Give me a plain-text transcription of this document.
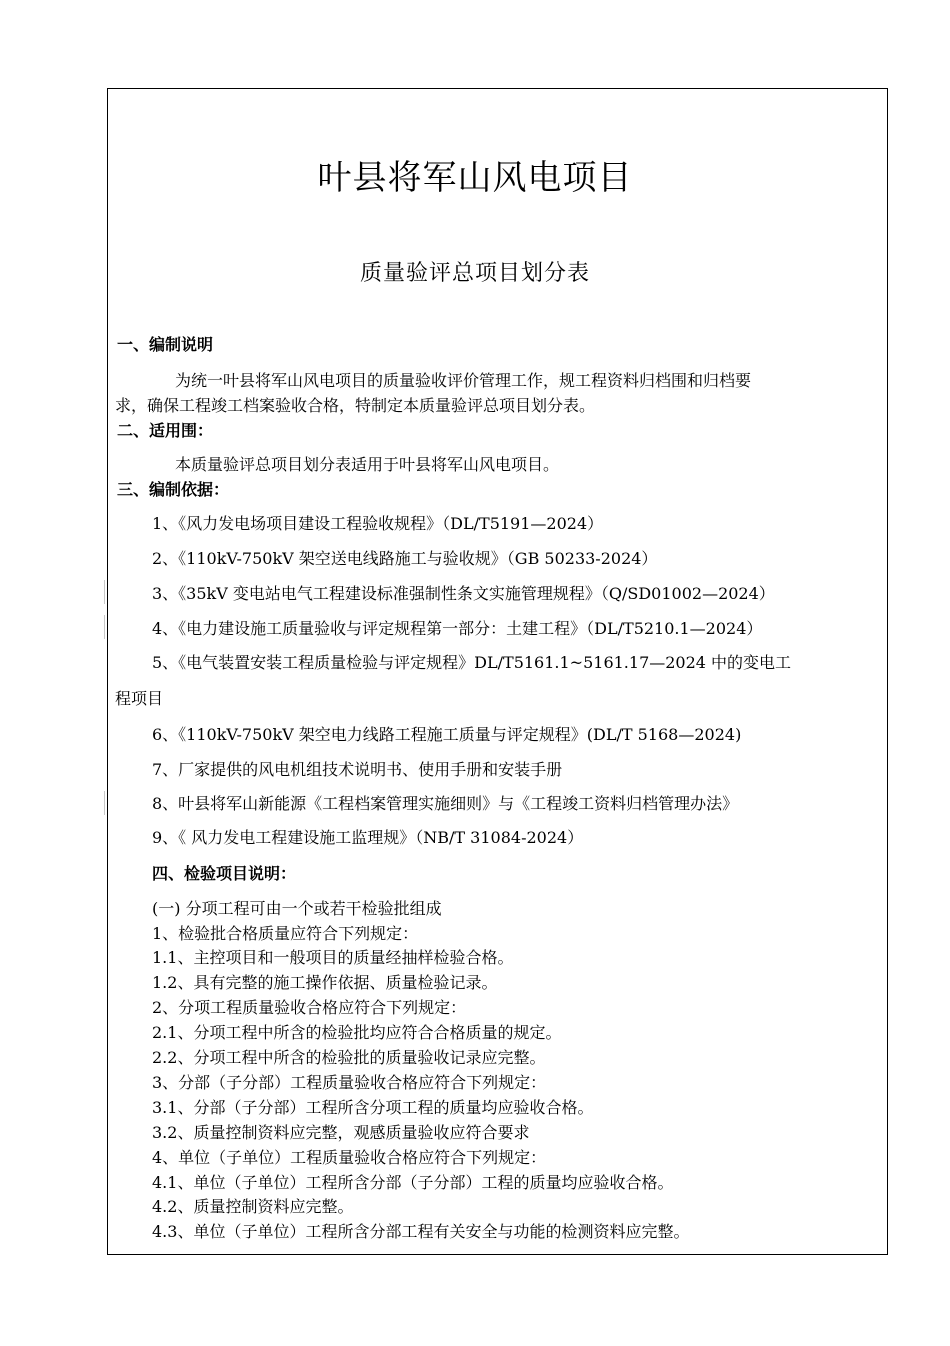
叶县将军山风电项目
质量验评总项目划分表
一、编制说明
为统一叶县将军山风电项目的质量验收评价管理工作，规工程资料归档围和归档要
求，确保工程竣工档案验收合格，特制定本质量验评总项目划分表。
二、适用围：
本质量验评总项目划分表适用于叶县将军山风电项目。
三、编制依据：
1、《风力发电场项目建设工程验收规程》（DL/T5191—2024）
2、《110kV-750kV 架空送电线路施工与验收规》（GB 50233-2024）
3、《35kV 变电站电气工程建设标准强制性条文实施管理规程》（Q/SD01002—2024）
4、《电力建设施工质量验收与评定规程第一部分：土建工程》（DL/T5210.1—2024）
5、《电气装置安装工程质量检验与评定规程》DL/T5161.1~5161.17—2024 中的变电工
程项目
6、《110kV-750kV 架空电力线路工程施工质量与评定规程》(DL/T 5168—2024)
7、厂家提供的风电机组技术说明书、使用手册和安装手册
8、叶县将军山新能源《工程档案管理实施细则》与《工程竣工资料归档管理办法》
9、《 风力发电工程建设施工监理规》（NB/T 31084-2024）
四、检验项目说明：
(一) 分项工程可由一个或若干检验批组成
1、检验批合格质量应符合下列规定：
1.1、主控项目和一般项目的质量经抽样检验合格。
1.2、具有完整的施工操作依据、质量检验记录。
2、分项工程质量验收合格应符合下列规定：
2.1、分项工程中所含的检验批均应符合合格质量的规定。
2.2、分项工程中所含的检验批的质量验收记录应完整。
3、分部（子分部）工程质量验收合格应符合下列规定：
3.1、分部（子分部）工程所含分项工程的质量均应验收合格。
3.2、质量控制资料应完整，观感质量验收应符合要求
4、单位（子单位）工程质量验收合格应符合下列规定：
4.1、单位（子单位）工程所含分部（子分部）工程的质量均应验收合格。
4.2、质量控制资料应完整。
4.3、单位（子单位）工程所含分部工程有关安全与功能的检测资料应完整。
